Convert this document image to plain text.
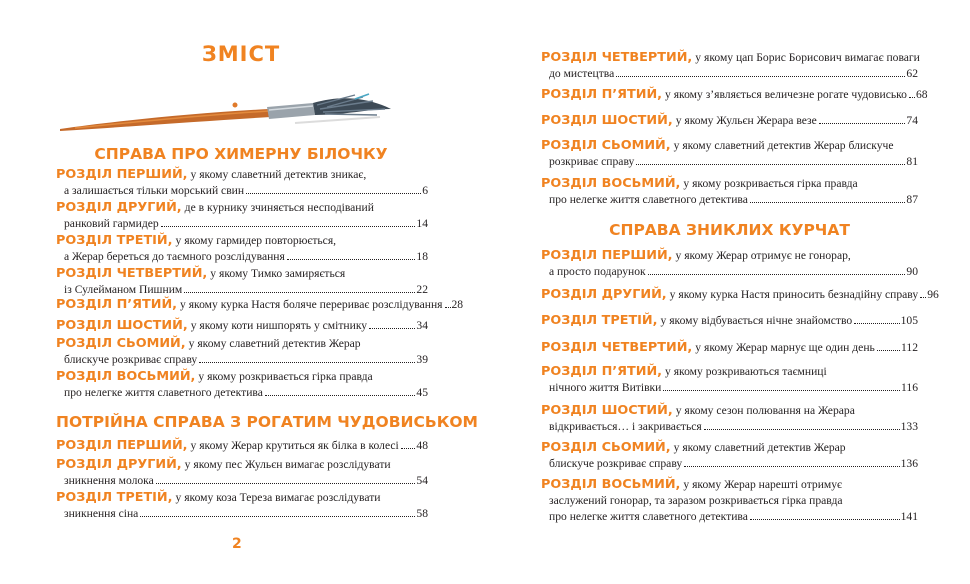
ЗМІСТ
СПРАВА ПРО ХИМЕРНУ БІЛОЧКУ
РОЗДІЛ ПЕРШИЙ, у якому славетний детектив зникає,
а залишається тільки морський свин	6
РОЗДІЛ ДРУГИЙ, де в курнику зчиняється несподіваний
ранковий гармидер	14
РОЗДІЛ ТРЕТІЙ, у якому гармидер повторюється,
а Жерар береться до таємного розслідування	18
РОЗДІЛ ЧЕТВЕРТИЙ, у якому Тимко замиряється
із Сулейманом Пишним	22
РОЗДІЛ П’ЯТИЙ, у якому курка Настя боляче перериває розслідування 28
РОЗДІЛ ШОСТИЙ, у якому коти нишпорять у смітнику	34
РОЗДІЛ СЬОМИЙ, у якому славетний детектив Жерар
блискуче розкриває справу	39
РОЗДІЛ ВОСЬМИЙ, у якому розкривається гірка правда
про нелегке життя славетного детектива	45
ПОТРІЙНА СПРАВА З РОГАТИМ ЧУДОВИСЬКОМ
РОЗДІЛ ПЕРШИЙ, у якому Жерар крутиться як білка в колесі 48
РОЗДІЛ ДРУГИЙ, у якому пес Жульєн вимагає розслідувати
зникнення молока	54
РОЗДІЛ ТРЕТІЙ, у якому коза Тереза вимагає розслідувати
зникнення сіна	58
2
РОЗДІЛ ЧЕТВЕРТИЙ, у якому цап Борис Борисович вимагає поваги
до мистецтва	62
РОЗДІЛ П’ЯТИЙ, у якому з’являється величезне рогате чудовисько 68
РОЗДІЛ ШОСТИЙ, у якому Жульєн Жерара везе	74
РОЗДІЛ СЬОМИЙ, у якому славетний детектив Жерар блискуче
розкриває справу	81
РОЗДІЛ ВОСЬМИЙ, у якому розкривається гірка правда
про нелегке життя славетного детектива	87
СПРАВА ЗНИКЛИХ КУРЧАТ
РОЗДІЛ ПЕРШИЙ, у якому Жерар отримує не гонорар,
а просто подарунок	90
РОЗДІЛ ДРУГИЙ, у якому курка Настя приносить безнадійну справу 96
РОЗДІЛ ТРЕТІЙ, у якому відбувається нічне знайомство	105
РОЗДІЛ ЧЕТВЕРТИЙ, у якому Жерар марнує ще один день 112
РОЗДІЛ П’ЯТИЙ, у якому розкриваються таємниці
нічного життя Витівки	116
РОЗДІЛ ШОСТИЙ, у якому сезон полювання на Жерара
відкривається… і закривається	133
РОЗДІЛ СЬОМИЙ, у якому славетний детектив Жерар
блискуче розкриває справу	136
РОЗДІЛ ВОСЬМИЙ, у якому Жерар нарешті отримує
заслужений гонорар, та заразом розкривається гірка правда
про нелегке життя славетного детектива	141
